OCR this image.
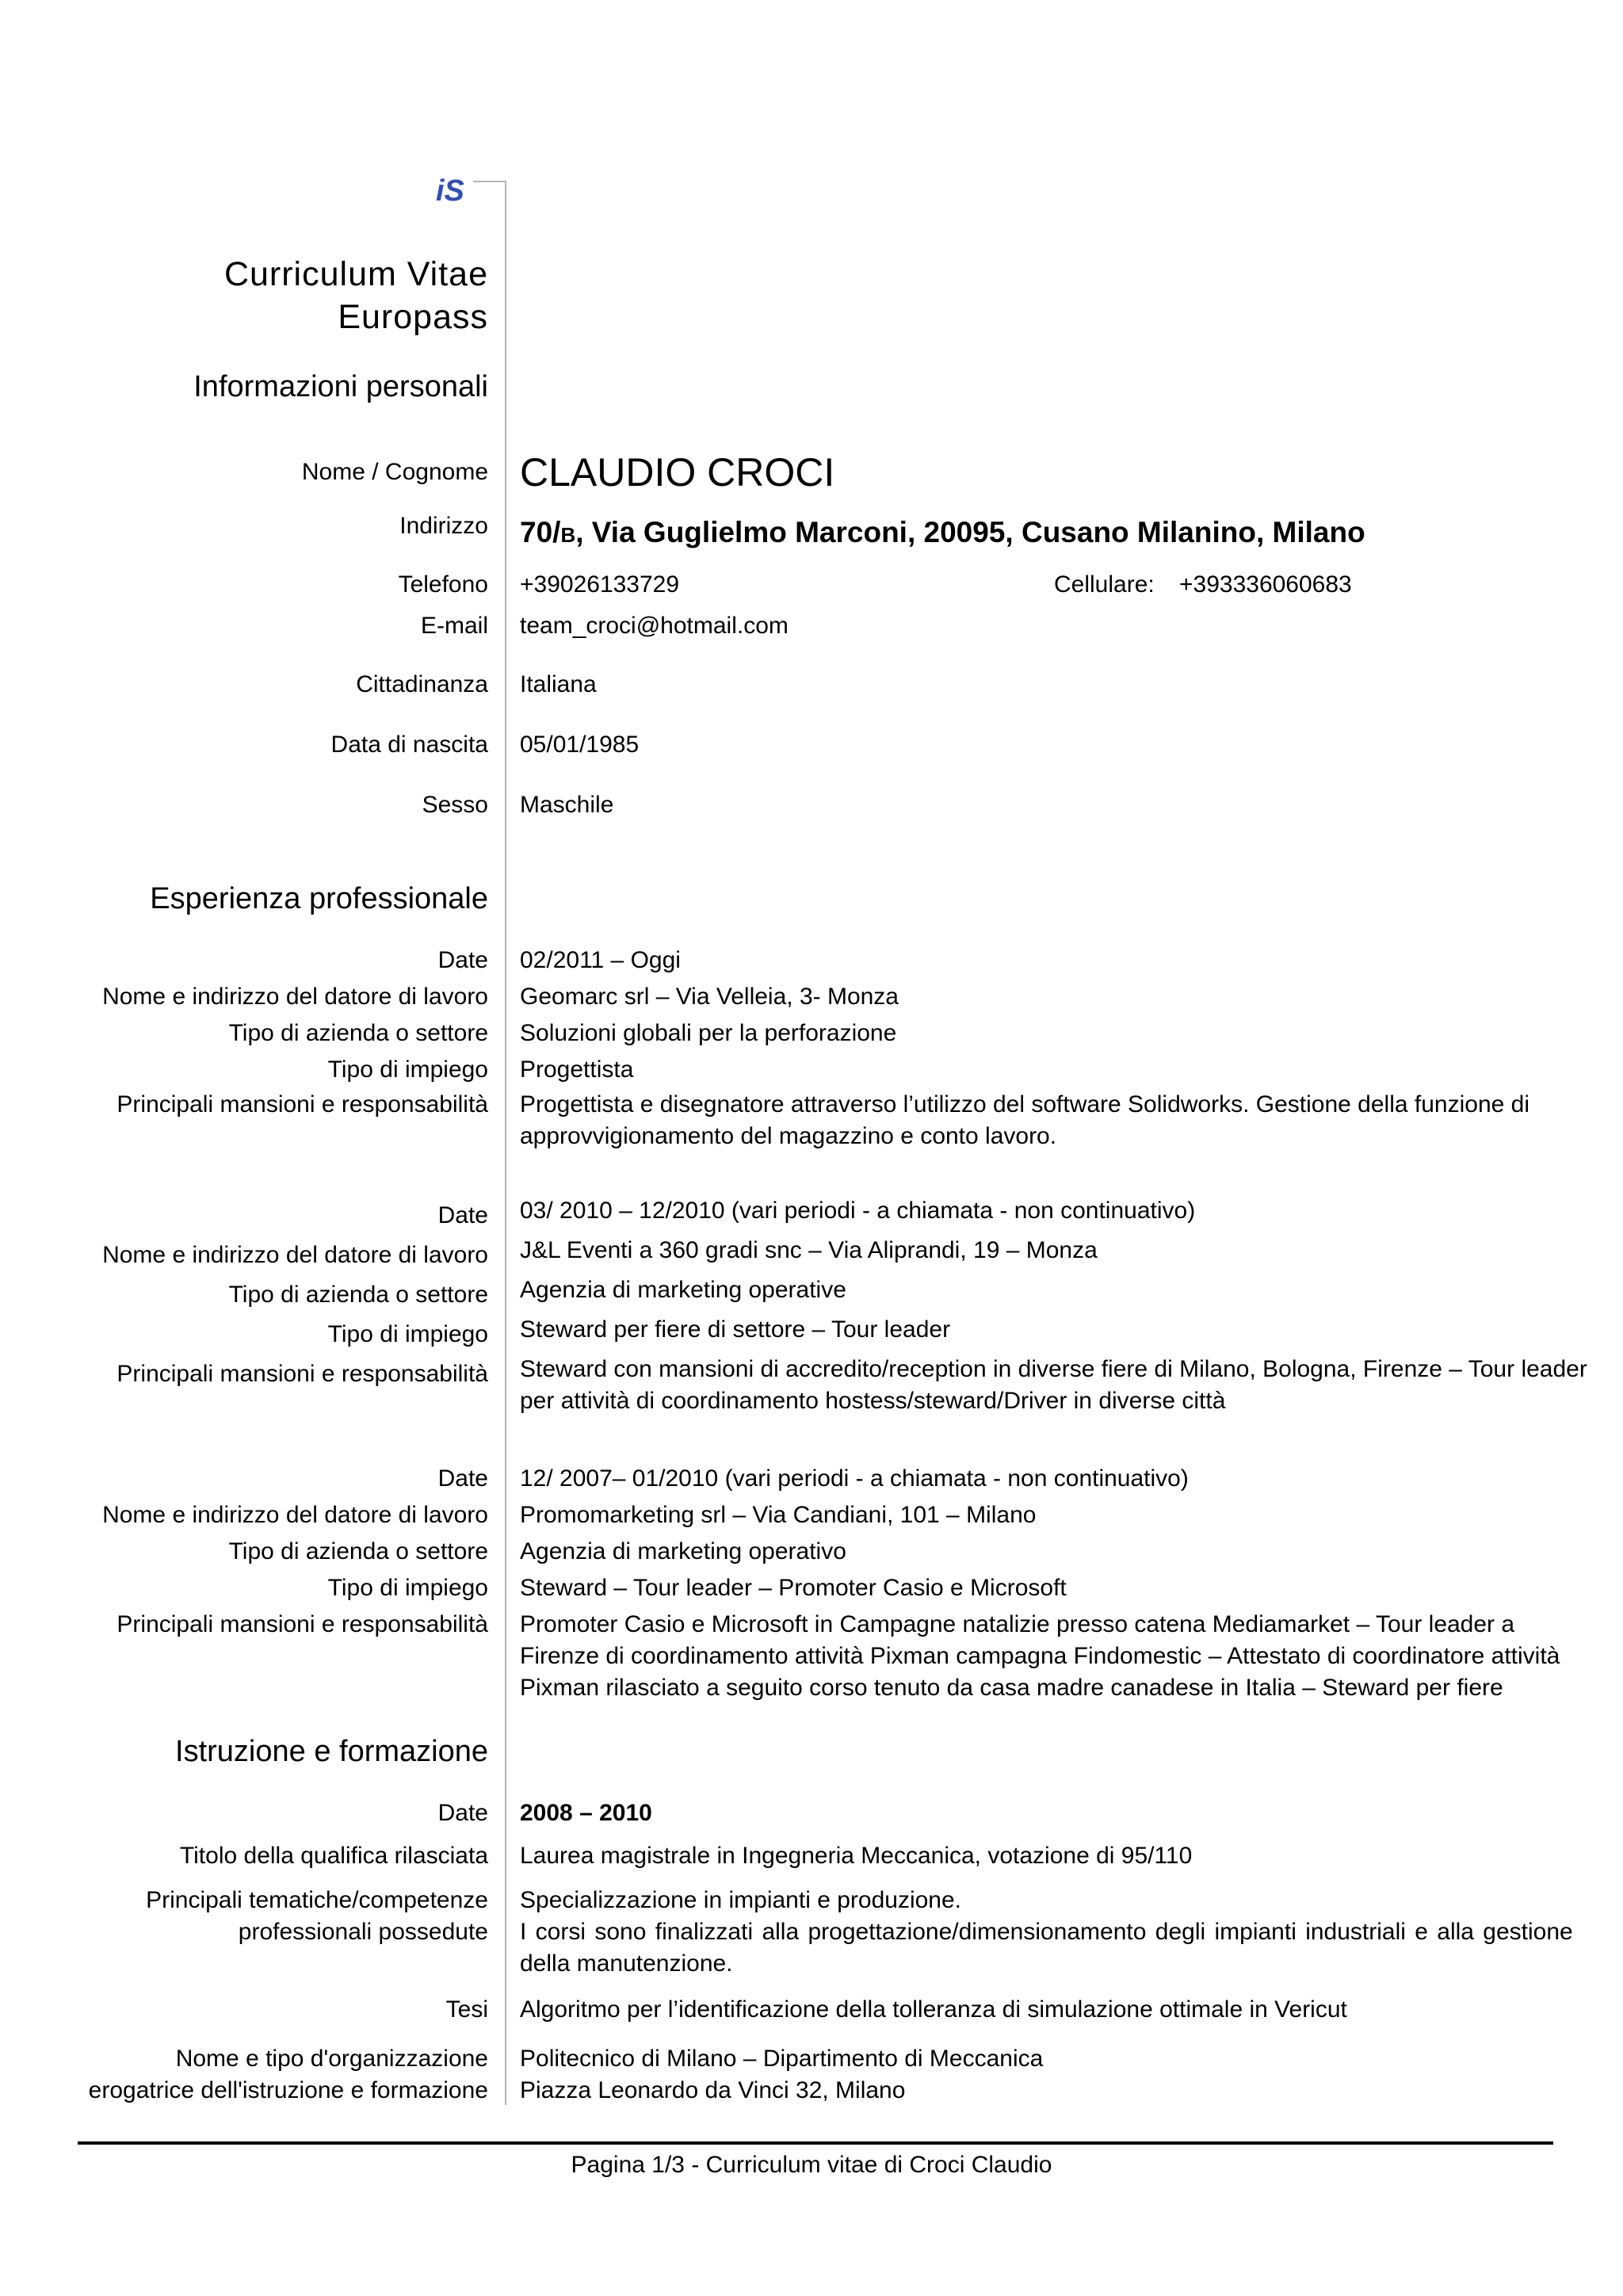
iS
Curriculum Vitae
Europass
Informazioni personali
Nome / Cognome CLAUDIO CROCI
Indirizzo 70/B, Via Guglielmo Marconi, 20095, Cusano Milanino, Milano
Telefono +39026133729	Cellulare: +393336060683
E-mail team_croci@hotmail.com
Cittadinanza Italiana
Data di nascita 05/01/1985
Sesso Maschile
Esperienza professionale
Date 02/2011 – Oggi
Nome e indirizzo del datore di lavoro Geomarc srl – Via Velleia, 3- Monza
Tipo di azienda o settore Soluzioni globali per la perforazione
Tipo di impiego Progettista
Principali mansioni e responsabilità Progettista e disegnatore attraverso l’utilizzo del software Solidworks. Gestione della funzione di
approvvigionamento del magazzino e conto lavoro.
Date 03/ 2010 – 12/2010 (vari periodi - a chiamata - non continuativo)
Nome e indirizzo del datore di lavoro J&L Eventi a 360 gradi snc – Via Aliprandi, 19 – Monza
Tipo di azienda o settore Agenzia di marketing operative
Tipo di impiego Steward per fiere di settore – Tour leader
Principali mansioni e responsabilità Steward con mansioni di accredito/reception in diverse fiere di Milano, Bologna, Firenze – Tour leader
per attività di coordinamento hostess/steward/Driver in diverse città
Date 12/ 2007– 01/2010 (vari periodi - a chiamata - non continuativo)
Nome e indirizzo del datore di lavoro Promomarketing srl – Via Candiani, 101 – Milano
Tipo di azienda o settore Agenzia di marketing operativo
Tipo di impiego Steward – Tour leader – Promoter Casio e Microsoft
Principali mansioni e responsabilità Promoter Casio e Microsoft in Campagne natalizie presso catena Mediamarket – Tour leader a
Firenze di coordinamento attività Pixman campagna Findomestic – Attestato di coordinatore attività
Pixman rilasciato a seguito corso tenuto da casa madre canadese in Italia – Steward per fiere
Istruzione e formazione
Date 2008 – 2010
Titolo della qualifica rilasciata Laurea magistrale in Ingegneria Meccanica, votazione di 95/110
Principali tematiche/competenze
professionali possedute
Specializzazione in impianti e produzione.
I corsi sono finalizzati alla progettazione/dimensionamento degli impianti industriali e alla gestione
della manutenzione.
Tesi Algoritmo per l’identificazione della tolleranza di simulazione ottimale in Vericut
Nome e tipo d'organizzazione
erogatrice dell'istruzione e formazione
Politecnico di Milano – Dipartimento di Meccanica
Piazza Leonardo da Vinci 32, Milano
Pagina 1/3 - Curriculum vitae di Croci Claudio
